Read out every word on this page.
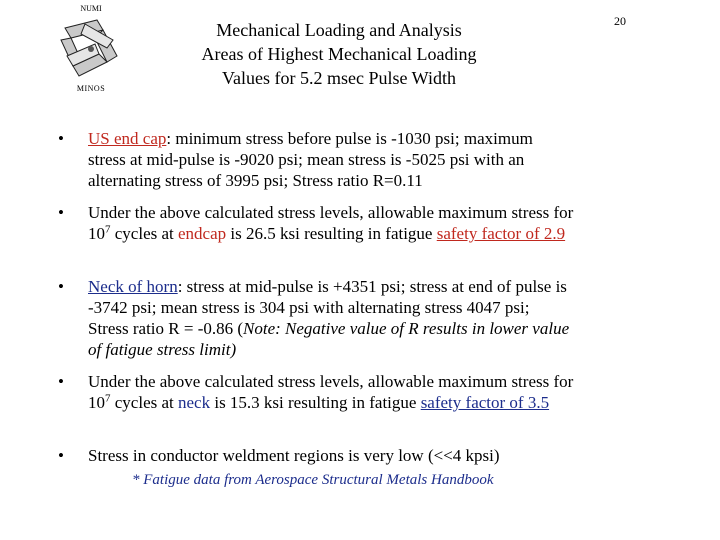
NUMI
MINOS
Mechanical Loading and Analysis
Areas of Highest Mechanical Loading
Values for 5.2 msec Pulse Width
20
• US end cap: minimum stress before pulse is -1030 psi; maximum
stress at mid-pulse is -9020 psi; mean stress is -5025 psi with an
alternating stress of 3995 psi; Stress ratio R=0.11
• Under the above calculated stress levels, allowable maximum stress for
$10^7$ cycles at endcap is 26.5 ksi resulting in fatigue safety factor of 2.9
• Neck of horn: stress at mid-pulse is +4351 psi; stress at end of pulse is
-3742 psi; mean stress is 304 psi with alternating stress 4047 psi;
Stress ratio R = -0.86 (Note: Negative value of R results in lower value
of fatigue stress limit)
• Under the above calculated stress levels, allowable maximum stress for
$10^7$ cycles at neck is 15.3 ksi resulting in fatigue safety factor of 3.5
• Stress in conductor weldment regions is very low (<<4 kpsi)
* Fatigue data from Aerospace Structural Metals Handbook
